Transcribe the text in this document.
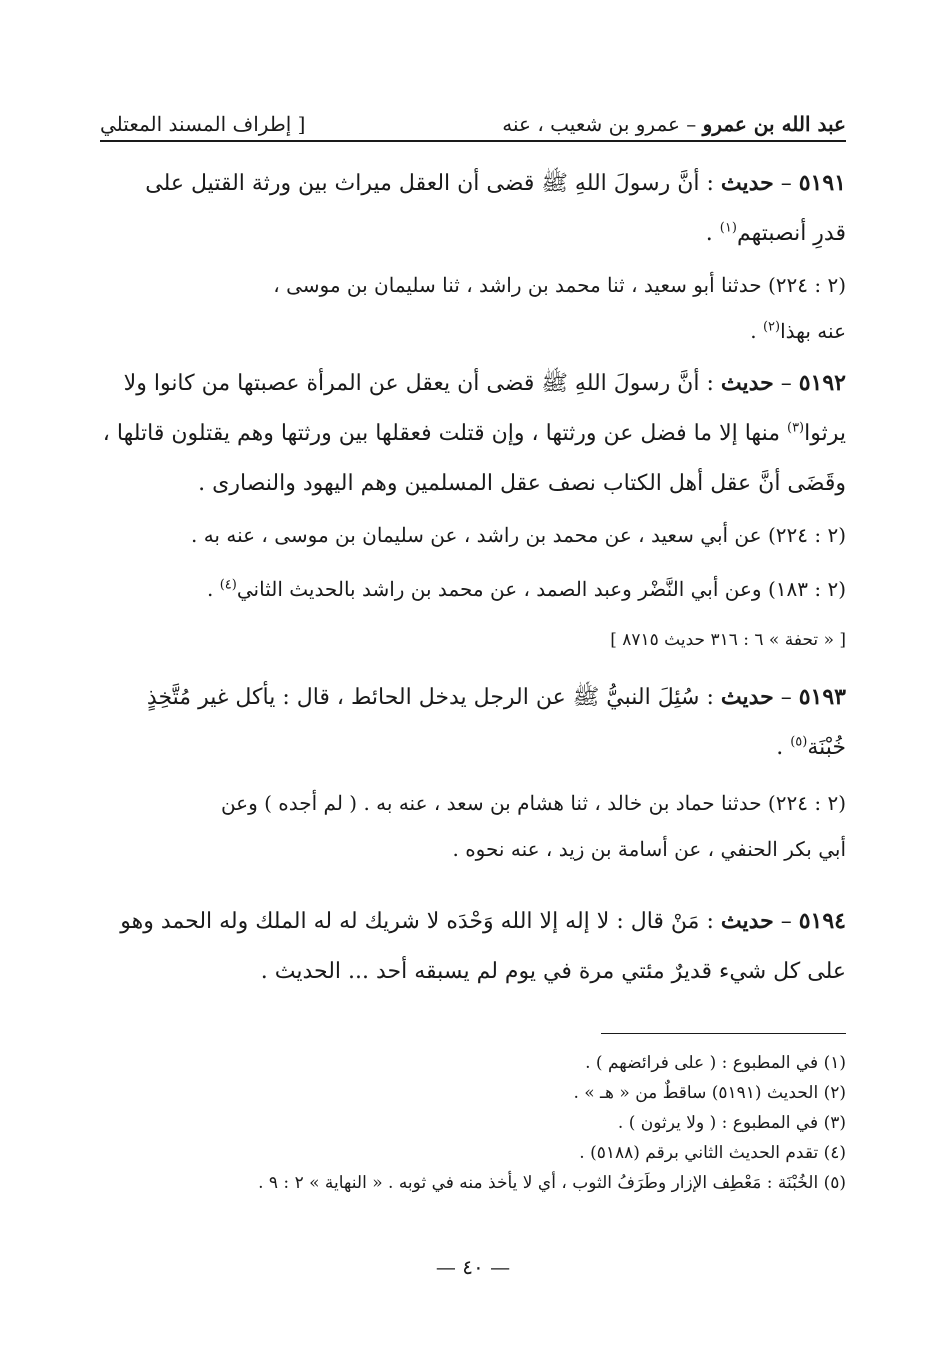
عبد الله بن عمرو – عمرو بن شعيب ، عنه
[ إطراف المسند المعتلي
٥١٩١ – حديث : أنَّ رسولَ اللهِ ﷺ قضى أن العقل ميراث بين ورثة القتيل على
قدرِ أنصبتهم$^{(١)}$ .
(٢ : ٢٢٤) حدثنا أبو سعيد ، ثنا محمد بن راشد ، ثنا سليمان بن موسى ،
عنه بهذا$^{(٢)}$ .
٥١٩٢ – حديث : أنَّ رسولَ اللهِ ﷺ قضى أن يعقل عن المرأة عصبتها من كانوا ولا
يرثوا$^{(٣)}$ منها إلا ما فضل عن ورثتها ، وإن قتلت فعقلها بين ورثتها وهم يقتلون قاتلها ،
وقَضَى أنَّ عقل أهل الكتاب نصف عقل المسلمين وهم اليهود والنصارى .
(٢ : ٢٢٤) عن أبي سعيد ، عن محمد بن راشد ، عن سليمان بن موسى ، عنه به .
(٢ : ١٨٣) وعن أبي النَّضْر وعبد الصمد ، عن محمد بن راشد بالحديث الثاني$^{(٤)}$ .
[ « تحفة » ٦ : ٣١٦ حديث ٨٧١٥ ]
٥١٩٣ – حديث : سُئِلَ النبيُّ ﷺ عن الرجل يدخل الحائط ، قال : يأكل غير مُتَّخِذٍ
خُبْنَة$^{(٥)}$ .
(٢ : ٢٢٤) حدثنا حماد بن خالد ، ثنا هشام بن سعد ، عنه به . ( لم أجده ) وعن
أبي بكر الحنفي ، عن أسامة بن زيد ، عنه نحوه .
٥١٩٤ – حديث : مَنْ قال : لا إله إلا الله وَحْدَه لا شريك له له الملك وله الحمد وهو
على كل شيء قديرٌ مئتي مرة في يوم لم يسبقه أحد ... الحديث .
(١) في المطبوع : ( على فرائضهم ) .
(٢) الحديث (٥١٩١) ساقطٌ من « هـ » .
(٣) في المطبوع : ( ولا يرثون ) .
(٤) تقدم الحديث الثاني برقم (٥١٨٨) .
(٥) الخُبْنَة : مَعْطِف الإزار وطَرَفُ الثوب ، أي لا يأخذ منه في ثوبه . « النهاية » ٢ : ٩ .
— ٤٠ —
